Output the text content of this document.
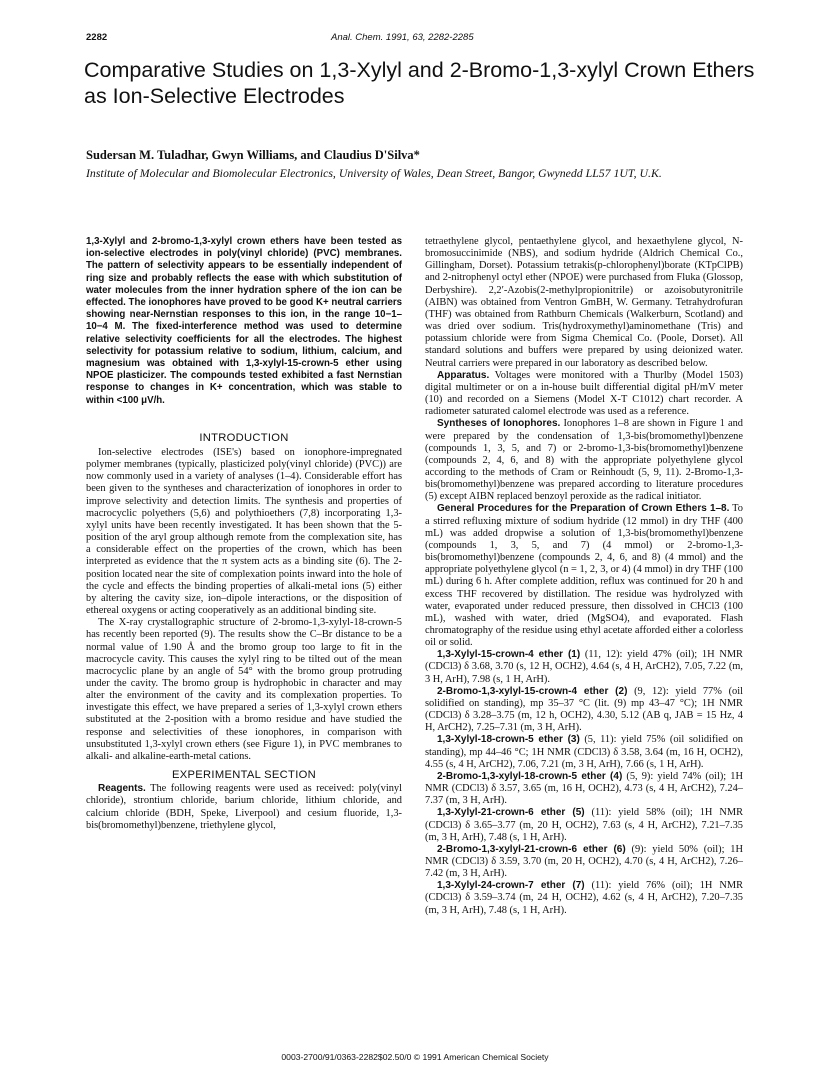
2282	Anal. Chem. 1991, 63, 2282-2285
Comparative Studies on 1,3-Xylyl and 2-Bromo-1,3-xylyl Crown Ethers as Ion-Selective Electrodes
Sudersan M. Tuladhar, Gwyn Williams, and Claudius D'Silva*
Institute of Molecular and Biomolecular Electronics, University of Wales, Dean Street, Bangor, Gwynedd LL57 1UT, U.K.

1,3-Xylyl and 2-bromo-1,3-xylyl crown ethers have been tested as ion-selective electrodes in poly(vinyl chloride) (PVC) membranes. The pattern of selectivity appears to be essentially independent of ring size and probably reflects the ease with which substitution of water molecules from the inner hydration sphere of the ion can be effected. The ionophores have proved to be good K+ neutral carriers showing near-Nernstian responses to this ion, in the range 10−1–10−4 M. The fixed-interference method was used to determine relative selectivity coefficients for all the electrodes. The highest selectivity for potassium relative to sodium, lithium, calcium, and magnesium was obtained with 1,3-xylyl-15-crown-5 ether using NPOE plasticizer. The compounds tested exhibited a fast Nernstian response to changes in K+ concentration, which was stable to within <100 μV/h.

INTRODUCTION

Ion-selective electrodes (ISE's) based on ionophore-impregnated polymer membranes (typically, plasticized poly(vinyl chloride) (PVC)) are now commonly used in a variety of analyses (1–4). Considerable effort has been given to the syntheses and characterization of ionophores in order to improve selectivity and detection limits. The synthesis and properties of macrocyclic polyethers (5,6) and polythioethers (7,8) incorporating 1,3-xylyl units have been recently investigated. It has been shown that the 5-position of the aryl group although remote from the complexation site, has a considerable effect on the properties of the crown, which has been interpreted as evidence that the π system acts as a binding site (6). The 2-position located near the site of complexation points inward into the hole of the cycle and effects the binding properties of alkali-metal ions (5) either by altering the cavity size, ion–dipole interactions, or the disposition of ethereal oxygens or acting cooperatively as an additional binding site.

The X-ray crystallographic structure of 2-bromo-1,3-xylyl-18-crown-5 has recently been reported (9). The results show the C–Br distance to be a normal value of 1.90 Å and the bromo group too large to fit in the macrocycle cavity. This causes the xylyl ring to be tilted out of the mean macrocyclic plane by an angle of 54° with the bromo group protruding under the cavity. The bromo group is hydrophobic in character and may alter the environment of the cavity and its complexation properties. To investigate this effect, we have prepared a series of 1,3-xylyl crown ethers substituted at the 2-position with a bromo residue and have studied the response and selectivities of these ionophores, in comparison with unsubstituted 1,3-xylyl crown ethers (see Figure 1), in PVC membranes to alkali- and alkaline-earth-metal cations.

EXPERIMENTAL SECTION

Reagents. The following reagents were used as received: poly(vinyl chloride), strontium chloride, barium chloride, lithium chloride, and calcium chloride (BDH, Speke, Liverpool) and cesium fluoride, 1,3-bis(bromomethyl)benzene, triethylene glycol,

tetraethylene glycol, pentaethylene glycol, and hexaethylene glycol, N-bromosuccinimide (NBS), and sodium hydride (Aldrich Chemical Co., Gillingham, Dorset). Potassium tetrakis(p-chlorophenyl)borate (KTpClPB) and 2-nitrophenyl octyl ether (NPOE) were purchased from Fluka (Glossop, Derbyshire). 2,2′-Azobis(2-methylpropionitrile) or azoisobutyronitrile (AIBN) was obtained from Ventron GmBH, W. Germany. Tetrahydrofuran (THF) was obtained from Rathburn Chemicals (Walkerburn, Scotland) and was dried over sodium. Tris(hydroxymethyl)aminomethane (Tris) and potassium chloride were from Sigma Chemical Co. (Poole, Dorset). All standard solutions and buffers were prepared by using deionized water. Neutral carriers were prepared in our laboratory as described below.

Apparatus. Voltages were monitored with a Thurlby (Model 1503) digital multimeter or on a in-house built differential digital pH/mV meter (10) and recorded on a Siemens (Model X-T C1012) chart recorder. A radiometer saturated calomel electrode was used as a reference.

Syntheses of Ionophores. Ionophores 1–8 are shown in Figure 1 and were prepared by the condensation of 1,3-bis(bromomethyl)benzene (compounds 1, 3, 5, and 7) or 2-bromo-1,3-bis(bromomethyl)benzene (compounds 2, 4, 6, and 8) with the appropriate polyethylene glycol according to the methods of Cram or Reinhoudt (5, 9, 11). 2-Bromo-1,3-bis(bromomethyl)benzene was prepared according to literature procedures (5) except AIBN replaced benzoyl peroxide as the radical initiator.

General Procedures for the Preparation of Crown Ethers 1–8. To a stirred refluxing mixture of sodium hydride (12 mmol) in dry THF (400 mL) was added dropwise a solution of 1,3-bis(bromomethyl)benzene (compounds 1, 3, 5, and 7) (4 mmol) or 2-bromo-1,3-bis(bromomethyl)benzene (compounds 2, 4, 6, and 8) (4 mmol) and the appropriate polyethylene glycol (n = 1, 2, 3, or 4) (4 mmol) in dry THF (100 mL) during 6 h. After complete addition, reflux was continued for 20 h and excess THF recovered by distillation. The residue was hydrolyzed with water, evaporated under reduced pressure, then dissolved in CHCl3 (100 mL), washed with water, dried (MgSO4), and evaporated. Flash chromatography of the residue using ethyl acetate afforded either a colorless oil or solid.

1,3-Xylyl-15-crown-4 ether (1) (11, 12): yield 47% (oil); 1H NMR (CDCl3) δ 3.68, 3.70 (s, 12 H, OCH2), 4.64 (s, 4 H, ArCH2), 7.05, 7.22 (m, 3 H, ArH), 7.98 (s, 1 H, ArH).

2-Bromo-1,3-xylyl-15-crown-4 ether (2) (9, 12): yield 77% (oil solidified on standing), mp 35–37 °C (lit. (9) mp 43–47 °C); 1H NMR (CDCl3) δ 3.28–3.75 (m, 12 h, OCH2), 4.30, 5.12 (AB q, JAB = 15 Hz, 4 H, ArCH2), 7.25–7.31 (m, 3 H, ArH).

1,3-Xylyl-18-crown-5 ether (3) (5, 11): yield 75% (oil solidified on standing), mp 44–46 °C; 1H NMR (CDCl3) δ 3.58, 3.64 (m, 16 H, OCH2), 4.55 (s, 4 H, ArCH2), 7.06, 7.21 (m, 3 H, ArH), 7.66 (s, 1 H, ArH).

2-Bromo-1,3-xylyl-18-crown-5 ether (4) (5, 9): yield 74% (oil); 1H NMR (CDCl3) δ 3.57, 3.65 (m, 16 H, OCH2), 4.73 (s, 4 H, ArCH2), 7.24–7.37 (m, 3 H, ArH).

1,3-Xylyl-21-crown-6 ether (5) (11): yield 58% (oil); 1H NMR (CDCl3) δ 3.65–3.77 (m, 20 H, OCH2), 7.63 (s, 4 H, ArCH2), 7.21–7.35 (m, 3 H, ArH), 7.48 (s, 1 H, ArH).

2-Bromo-1,3-xylyl-21-crown-6 ether (6) (9): yield 50% (oil); 1H NMR (CDCl3) δ 3.59, 3.70 (m, 20 H, OCH2), 4.70 (s, 4 H, ArCH2), 7.26–7.42 (m, 3 H, ArH).

1,3-Xylyl-24-crown-7 ether (7) (11): yield 76% (oil); 1H NMR (CDCl3) δ 3.59–3.74 (m, 24 H, OCH2), 4.62 (s, 4 H, ArCH2), 7.20–7.35 (m, 3 H, ArH), 7.48 (s, 1 H, ArH).

0003-2700/91/0363-2282$02.50/0 © 1991 American Chemical Society
